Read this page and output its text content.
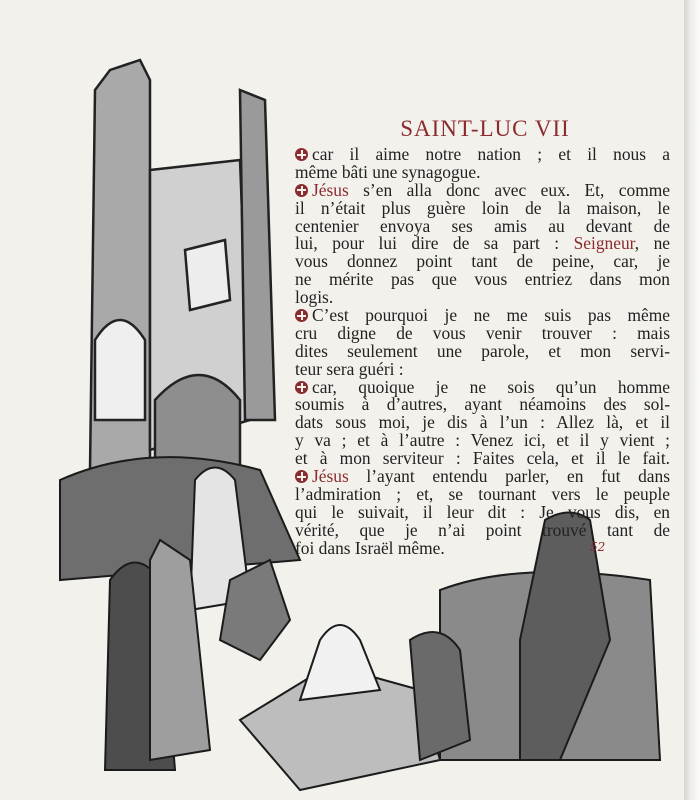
SAINT-LUC VII
car il aime notre nation ; et il nous a
même bâti une synagogue.
Jésus s’en alla donc avec eux. Et, comme
il n’était plus guère loin de la maison, le
centenier envoya ses amis au devant de
lui, pour lui dire de sa part : Seigneur, ne
vous donnez point tant de peine, car, je
ne mérite pas que vous entriez dans mon
logis.
C’est pourquoi je ne me suis pas même
cru digne de vous venir trouver : mais
dites seulement une parole, et mon servi-
teur sera guéri :
car, quoique je ne sois qu’un homme
soumis à d’autres, ayant néamoins des sol-
dats sous moi, je dis à l’un : Allez là, et il
y va ; et à l’autre : Venez ici, et il y vient ;
et à mon serviteur : Faites cela, et il le fait.
Jésus l’ayant entendu parler, en fut dans
l’admiration ; et, se tournant vers le peuple
qui le suivait, il leur dit : Je vous dis, en
vérité, que je n’ai point trouvé tant de
foi dans Israël même.	52
